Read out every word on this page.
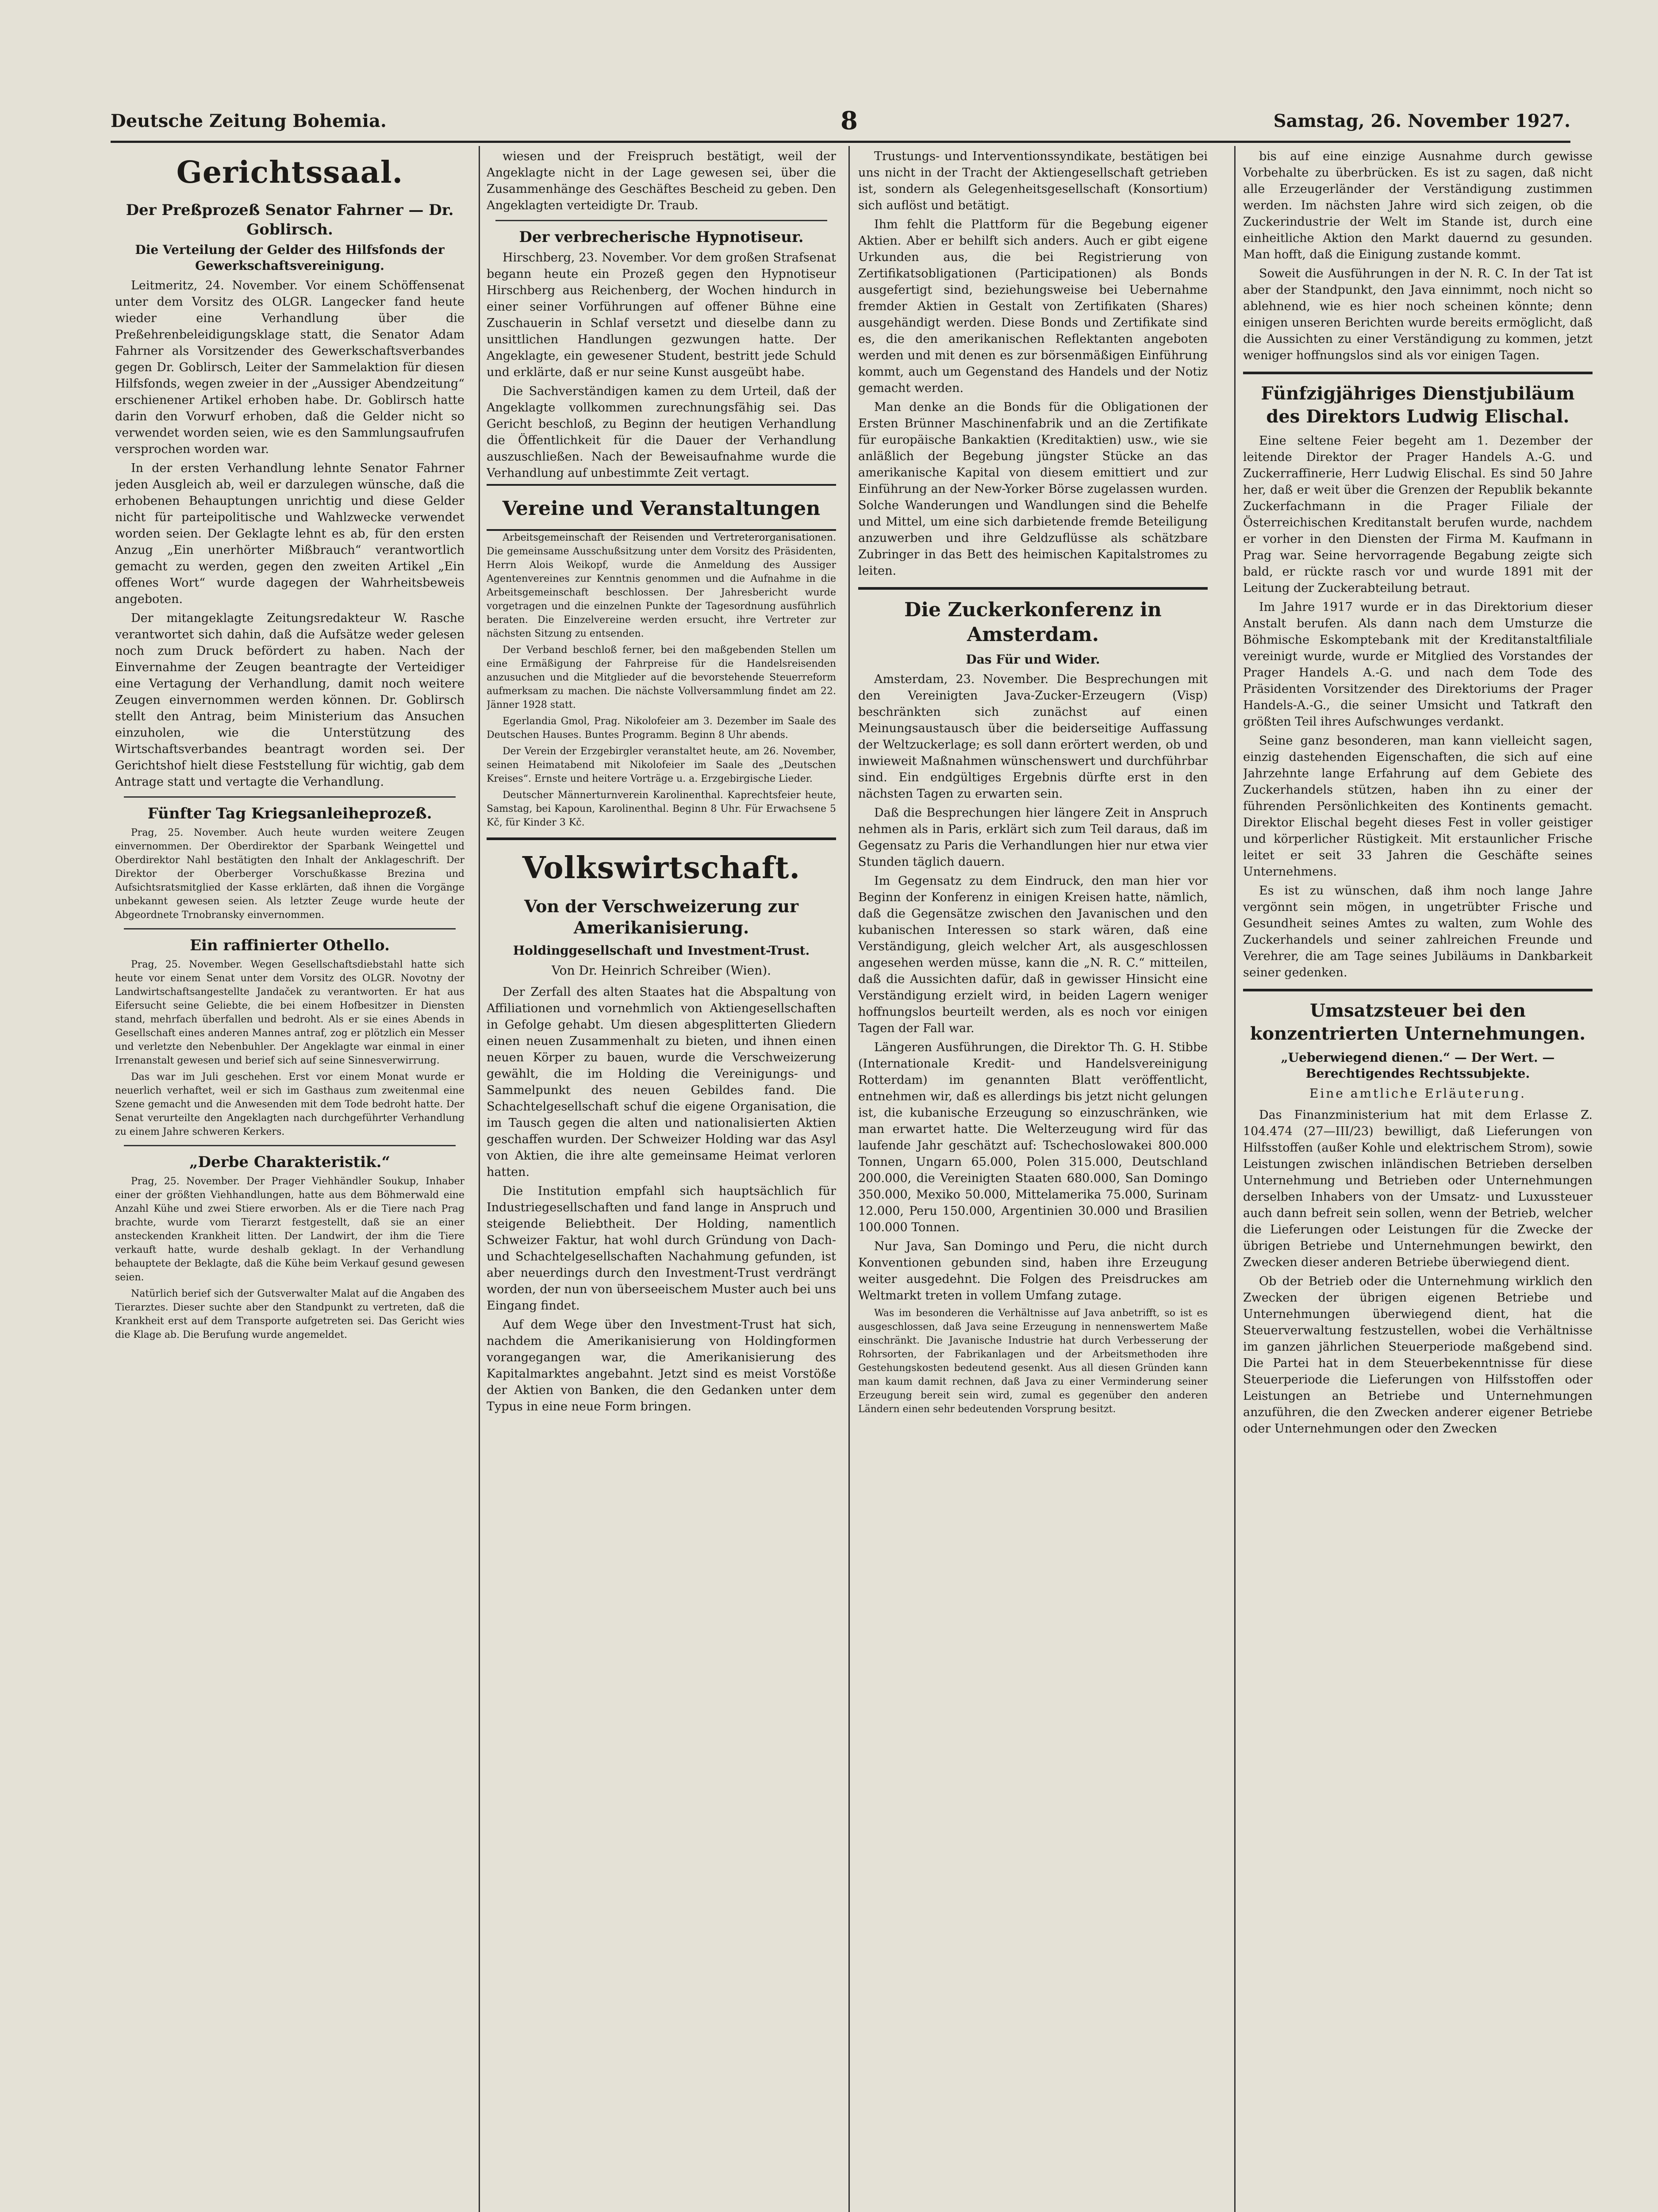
Deutsche Zeitung Bohemia.	8	Samstag, 26. November 1927.
Gerichtssaal.
Der Preßprozeß Senator Fahrner — Dr. Goblirsch.
Die Verteilung der Gelder des Hilfsfonds der Gewerkschaftsvereinigung.

Leitmeritz, 24. November. Vor einem Schöffensenat unter dem Vorsitz des OLGR. Langecker fand heute wieder eine Verhandlung über die Preßehrenbeleidigungsklage statt, die Senator Adam Fahrner als Vorsitzender des Gewerkschaftsverbandes gegen Dr. Goblirsch, Leiter der Sammelaktion für diesen Hilfsfonds, wegen zweier in der „Aussiger Abendzeitung“ erschienener Artikel erhoben habe. Dr. Goblirsch hatte darin den Vorwurf erhoben, daß die Gelder nicht so verwendet worden seien, wie es den Sammlungsaufrufen versprochen worden war.

In der ersten Verhandlung lehnte Senator Fahrner jeden Ausgleich ab, weil er darzulegen wünsche, daß die erhobenen Behauptungen unrichtig und diese Gelder nicht für parteipolitische und Wahlzwecke verwendet worden seien. Der Geklagte lehnt es ab, für den ersten Anzug „Ein unerhörter Mißbrauch“ verantwortlich gemacht zu werden, gegen den zweiten Artikel „Ein offenes Wort“ wurde dagegen der Wahrheitsbeweis angeboten.

Der mitangeklagte Zeitungsredakteur W. Rasche verantwortet sich dahin, daß die Aufsätze weder gelesen noch zum Druck befördert zu haben. Nach der Einvernahme der Zeugen beantragte der Verteidiger eine Vertagung der Verhandlung, damit noch weitere Zeugen einvernommen werden können. Dr. Goblirsch stellt den Antrag, beim Ministerium das Ansuchen einzuholen, wie die Unterstützung des Wirtschaftsverbandes beantragt worden sei. Der Gerichtshof hielt diese Feststellung für wichtig, gab dem Antrage statt und vertagte die Verhandlung.

Fünfter Tag Kriegsanleiheprozeß.

Prag, 25. November. Auch heute wurden weitere Zeugen einvernommen. Der Oberdirektor der Sparbank Weingettel und Oberdirektor Nahl bestätigten den Inhalt der Anklageschrift. Der Direktor der Oberberger Vorschußkasse Brezina und Aufsichtsratsmitglied der Kasse erklärten, daß ihnen die Vorgänge unbekannt gewesen seien. Als letzter Zeuge wurde heute der Abgeordnete Trnobransky einvernommen.

Ein raffinierter Othello.

Prag, 25. November. Wegen Gesellschaftsdiebstahl hatte sich heute vor einem Senat unter dem Vorsitz des OLGR. Novotny der Landwirtschaftsangestellte Jandaček zu verantworten. Er hat aus Eifersucht seine Geliebte, die bei einem Hofbesitzer in Diensten stand, mehrfach überfallen und bedroht. Als er sie eines Abends in Gesellschaft eines anderen Mannes antraf, zog er plötzlich ein Messer und verletzte den Nebenbuhler. Der Angeklagte war einmal in einer Irrenanstalt gewesen und berief sich auf seine Sinnesverwirrung.

Das war im Juli geschehen. Erst vor einem Monat wurde er neuerlich verhaftet, weil er sich im Gasthaus zum zweitenmal eine Szene gemacht und die Anwesenden mit dem Tode bedroht hatte. Der Senat verurteilte den Angeklagten nach durchgeführter Verhandlung zu einem Jahre schweren Kerkers.

„Derbe Charakteristik.“

Prag, 25. November. Der Prager Viehhändler Soukup, Inhaber einer der größten Viehhandlungen, hatte aus dem Böhmerwald eine Anzahl Kühe und zwei Stiere erworben. Als er die Tiere nach Prag brachte, wurde vom Tierarzt festgestellt, daß sie an einer ansteckenden Krankheit litten. Der Landwirt, der ihm die Tiere verkauft hatte, wurde deshalb geklagt. In der Verhandlung behauptete der Beklagte, daß die Kühe beim Verkauf gesund gewesen seien.

Natürlich berief sich der Gutsverwalter Malat auf die Angaben des Tierarztes. Dieser suchte aber den Standpunkt zu vertreten, daß die Krankheit erst auf dem Transporte aufgetreten sei. Das Gericht wies die Klage ab. Die Berufung wurde angemeldet.

wiesen und der Freispruch bestätigt, weil der Angeklagte nicht in der Lage gewesen sei, über die Zusammenhänge des Geschäftes Bescheid zu geben. Den Angeklagten verteidigte Dr. Traub.

Der verbrecherische Hypnotiseur.

Hirschberg, 23. November. Vor dem großen Strafsenat begann heute ein Prozeß gegen den Hypnotiseur Hirschberg aus Reichenberg, der Wochen hindurch in einer seiner Vorführungen auf offener Bühne eine Zuschauerin in Schlaf versetzt und dieselbe dann zu unsittlichen Handlungen gezwungen hatte. Der Angeklagte, ein gewesener Student, bestritt jede Schuld und erklärte, daß er nur seine Kunst ausgeübt habe.

Die Sachverständigen kamen zu dem Urteil, daß der Angeklagte vollkommen zurechnungsfähig sei. Das Gericht beschloß, zu Beginn der heutigen Verhandlung die Öffentlichkeit für die Dauer der Verhandlung auszuschließen. Nach der Beweisaufnahme wurde die Verhandlung auf unbestimmte Zeit vertagt.

Vereine und Veranstaltungen

Arbeitsgemeinschaft der Reisenden und Vertreterorganisationen. Die gemeinsame Ausschußsitzung unter dem Vorsitz des Präsidenten, Herrn Alois Weikopf, wurde die Anmeldung des Aussiger Agentenvereines zur Kenntnis genommen und die Aufnahme in die Arbeitsgemeinschaft beschlossen. Der Jahresbericht wurde vorgetragen und die einzelnen Punkte der Tagesordnung ausführlich beraten. Die Einzelvereine werden ersucht, ihre Vertreter zur nächsten Sitzung zu entsenden.

Der Verband beschloß ferner, bei den maßgebenden Stellen um eine Ermäßigung der Fahrpreise für die Handelsreisenden anzusuchen und die Mitglieder auf die bevorstehende Steuerreform aufmerksam zu machen. Die nächste Vollversammlung findet am 22. Jänner 1928 statt.

Egerlandia Gmol, Prag. Nikolofeier am 3. Dezember im Saale des Deutschen Hauses. Buntes Programm. Beginn 8 Uhr abends.

Der Verein der Erzgebirgler veranstaltet heute, am 26. November, seinen Heimatabend mit Nikolofeier im Saale des „Deutschen Kreises“. Ernste und heitere Vorträge u. a. Erzgebirgische Lieder.

Deutscher Männerturnverein Karolinenthal. Kaprechtsfeier heute, Samstag, bei Kapoun, Karolinenthal. Beginn 8 Uhr. Für Erwachsene 5 Kč, für Kinder 3 Kč.

Volkswirtschaft.
Von der Verschweizerung zur Amerikanisierung.
Holdinggesellschaft und Investment-Trust.
Von Dr. Heinrich Schreiber (Wien).

Der Zerfall des alten Staates hat die Abspaltung von Affiliationen und vornehmlich von Aktiengesellschaften in Gefolge gehabt. Um diesen abgesplitterten Gliedern einen neuen Zusammenhalt zu bieten, und ihnen einen neuen Körper zu bauen, wurde die Verschweizerung gewählt, die im Holding die Vereinigungs- und Sammelpunkt des neuen Gebildes fand. Die Schachtelgesellschaft schuf die eigene Organisation, die im Tausch gegen die alten und nationalisierten Aktien geschaffen wurden. Der Schweizer Holding war das Asyl von Aktien, die ihre alte gemeinsame Heimat verloren hatten.

Die Institution empfahl sich hauptsächlich für Industriegesellschaften und fand lange in Anspruch und steigende Beliebtheit. Der Holding, namentlich Schweizer Faktur, hat wohl durch Gründung von Dach- und Schachtelgesellschaften Nachahmung gefunden, ist aber neuerdings durch den Investment-Trust verdrängt worden, der nun von überseeischem Muster auch bei uns Eingang findet.

Auf dem Wege über den Investment-Trust hat sich, nachdem die Amerikanisierung von Holdingformen vorangegangen war, die Amerikanisierung des Kapitalmarktes angebahnt. Jetzt sind es meist Vorstöße der Aktien von Banken, die den Gedanken unter dem Typus in eine neue Form bringen.

Trustungs- und Interventionssyndikate, bestätigen bei uns nicht in der Tracht der Aktiengesellschaft getrieben ist, sondern als Gelegenheitsgesellschaft (Konsortium) sich auflöst und betätigt.

Ihm fehlt die Plattform für die Begebung eigener Aktien. Aber er behilft sich anders. Auch er gibt eigene Urkunden aus, die bei Registrierung von Zertifikatsobligationen (Participationen) als Bonds ausgefertigt sind, beziehungsweise bei Uebernahme fremder Aktien in Gestalt von Zertifikaten (Shares) ausgehändigt werden. Diese Bonds und Zertifikate sind es, die den amerikanischen Reflektanten angeboten werden und mit denen es zur börsenmäßigen Einführung kommt, auch um Gegenstand des Handels und der Notiz gemacht werden.

Man denke an die Bonds für die Obligationen der Ersten Brünner Maschinenfabrik und an die Zertifikate für europäische Bankaktien (Kreditaktien) usw., wie sie anläßlich der Begebung jüngster Stücke an das amerikanische Kapital von diesem emittiert und zur Einführung an der New-Yorker Börse zugelassen wurden. Solche Wanderungen und Wandlungen sind die Behelfe und Mittel, um eine sich darbietende fremde Beteiligung anzuwerben und ihre Geldzuflüsse als schätzbare Zubringer in das Bett des heimischen Kapitalstromes zu leiten.

Die Zuckerkonferenz in Amsterdam.
Das Für und Wider.

Amsterdam, 23. November. Die Besprechungen mit den Vereinigten Java-Zucker-Erzeugern (Visp) beschränkten sich zunächst auf einen Meinungsaustausch über die beiderseitige Auffassung der Weltzuckerlage; es soll dann erörtert werden, ob und inwieweit Maßnahmen wünschenswert und durchführbar sind. Ein endgültiges Ergebnis dürfte erst in den nächsten Tagen zu erwarten sein.

Daß die Besprechungen hier längere Zeit in Anspruch nehmen als in Paris, erklärt sich zum Teil daraus, daß im Gegensatz zu Paris die Verhandlungen hier nur etwa vier Stunden täglich dauern.

Im Gegensatz zu dem Eindruck, den man hier vor Beginn der Konferenz in einigen Kreisen hatte, nämlich, daß die Gegensätze zwischen den Javanischen und den kubanischen Interessen so stark wären, daß eine Verständigung, gleich welcher Art, als ausgeschlossen angesehen werden müsse, kann die „N. R. C.“ mitteilen, daß die Aussichten dafür, daß in gewisser Hinsicht eine Verständigung erzielt wird, in beiden Lagern weniger hoffnungslos beurteilt werden, als es noch vor einigen Tagen der Fall war.

Längeren Ausführungen, die Direktor Th. G. H. Stibbe (Internationale Kredit- und Handelsvereinigung Rotterdam) im genannten Blatt veröffentlicht, entnehmen wir, daß es allerdings bis jetzt nicht gelungen ist, die kubanische Erzeugung so einzuschränken, wie man erwartet hatte. Die Welterzeugung wird für das laufende Jahr geschätzt auf: Tschechoslowakei 800.000 Tonnen, Ungarn 65.000, Polen 315.000, Deutschland 200.000, die Vereinigten Staaten 680.000, San Domingo 350.000, Mexiko 50.000, Mittelamerika 75.000, Surinam 12.000, Peru 150.000, Argentinien 30.000 und Brasilien 100.000 Tonnen.

Nur Java, San Domingo und Peru, die nicht durch Konventionen gebunden sind, haben ihre Erzeugung weiter ausgedehnt. Die Folgen des Preisdruckes am Weltmarkt treten in vollem Umfang zutage.

Was im besonderen die Verhältnisse auf Java anbetrifft, so ist es ausgeschlossen, daß Java seine Erzeugung in nennenswertem Maße einschränkt. Die Javanische Industrie hat durch Verbesserung der Rohrsorten, der Fabrikanlagen und der Arbeitsmethoden ihre Gestehungskosten bedeutend gesenkt. Aus all diesen Gründen kann man kaum damit rechnen, daß Java zu einer Verminderung seiner Erzeugung bereit sein wird, zumal es gegenüber den anderen Ländern einen sehr bedeutenden Vorsprung besitzt.

bis auf eine einzige Ausnahme durch gewisse Vorbehalte zu überbrücken. Es ist zu sagen, daß nicht alle Erzeugerländer der Verständigung zustimmen werden. Im nächsten Jahre wird sich zeigen, ob die Zuckerindustrie der Welt im Stande ist, durch eine einheitliche Aktion den Markt dauernd zu gesunden. Man hofft, daß die Einigung zustande kommt.

Soweit die Ausführungen in der N. R. C. In der Tat ist aber der Standpunkt, den Java einnimmt, noch nicht so ablehnend, wie es hier noch scheinen könnte; denn einigen unseren Berichten wurde bereits ermöglicht, daß die Aussichten zu einer Verständigung zu kommen, jetzt weniger hoffnungslos sind als vor einigen Tagen.

Fünfzigjähriges Dienstjubiläum des Direktors Ludwig Elischal.

Eine seltene Feier begeht am 1. Dezember der leitende Direktor der Prager Handels A.-G. und Zuckerraffinerie, Herr Ludwig Elischal. Es sind 50 Jahre her, daß er weit über die Grenzen der Republik bekannte Zuckerfachmann in die Prager Filiale der Österreichischen Kreditanstalt berufen wurde, nachdem er vorher in den Diensten der Firma M. Kaufmann in Prag war. Seine hervorragende Begabung zeigte sich bald, er rückte rasch vor und wurde 1891 mit der Leitung der Zuckerabteilung betraut.

Im Jahre 1917 wurde er in das Direktorium dieser Anstalt berufen. Als dann nach dem Umsturze die Böhmische Eskomptebank mit der Kreditanstaltfiliale vereinigt wurde, wurde er Mitglied des Vorstandes der Prager Handels A.-G. und nach dem Tode des Präsidenten Vorsitzender des Direktoriums der Prager Handels-A.-G., die seiner Umsicht und Tatkraft den größten Teil ihres Aufschwunges verdankt.

Seine ganz besonderen, man kann vielleicht sagen, einzig dastehenden Eigenschaften, die sich auf eine Jahrzehnte lange Erfahrung auf dem Gebiete des Zuckerhandels stützen, haben ihn zu einer der führenden Persönlichkeiten des Kontinents gemacht. Direktor Elischal begeht dieses Fest in voller geistiger und körperlicher Rüstigkeit. Mit erstaunlicher Frische leitet er seit 33 Jahren die Geschäfte seines Unternehmens.

Es ist zu wünschen, daß ihm noch lange Jahre vergönnt sein mögen, in ungetrübter Frische und Gesundheit seines Amtes zu walten, zum Wohle des Zuckerhandels und seiner zahlreichen Freunde und Verehrer, die am Tage seines Jubiläums in Dankbarkeit seiner gedenken.

Umsatzsteuer bei den konzentrierten Unternehmungen.
„Ueberwiegend dienen.“ — Der Wert. — Berechtigendes Rechtssubjekte.
Eine amtliche Erläuterung.

Das Finanzministerium hat mit dem Erlasse Z. 104.474 (27—III/23) bewilligt, daß Lieferungen von Hilfsstoffen (außer Kohle und elektrischem Strom), sowie Leistungen zwischen inländischen Betrieben derselben Unternehmung und Betrieben oder Unternehmungen derselben Inhabers von der Umsatz- und Luxussteuer auch dann befreit sein sollen, wenn der Betrieb, welcher die Lieferungen oder Leistungen für die Zwecke der übrigen Betriebe und Unternehmungen bewirkt, den Zwecken dieser anderen Betriebe überwiegend dient.

Ob der Betrieb oder die Unternehmung wirklich den Zwecken der übrigen eigenen Betriebe und Unternehmungen überwiegend dient, hat die Steuerverwaltung festzustellen, wobei die Verhältnisse im ganzen jährlichen Steuerperiode maßgebend sind. Die Partei hat in dem Steuerbekenntnisse für diese Steuerperiode die Lieferungen von Hilfsstoffen oder Leistungen an Betriebe und Unternehmungen anzuführen, die den Zwecken anderer eigener Betriebe oder Unternehmungen oder den Zwecken
